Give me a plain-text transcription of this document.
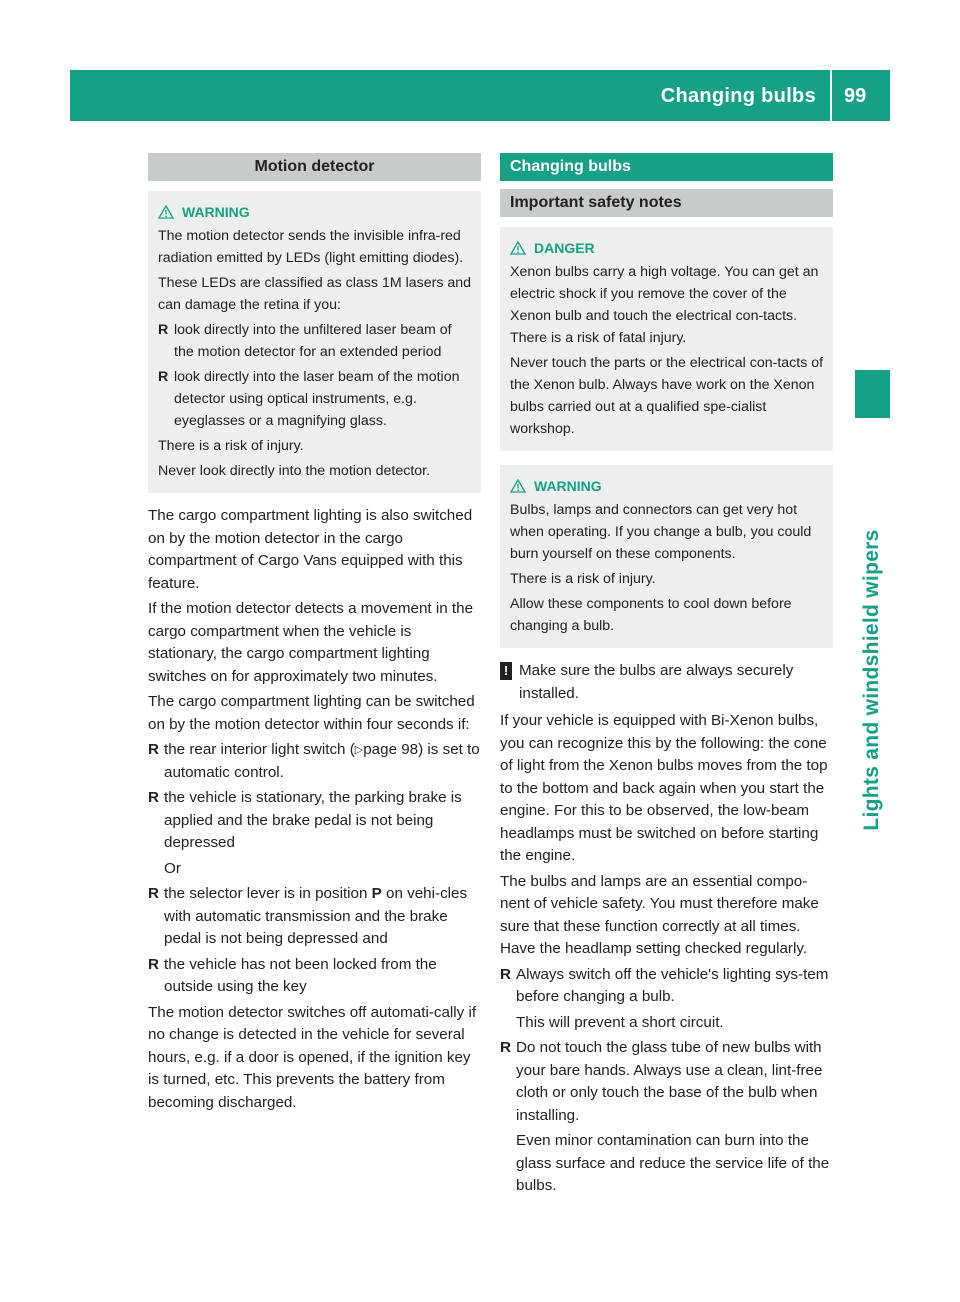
Changing bulbs 99
Lights and windshield wipers
Motion detector
WARNING

The motion detector sends the invisible infra-red radiation emitted by LEDs (light emitting diodes).

These LEDs are classified as class 1M lasers and can damage the retina if you:

R look directly into the unfiltered laser beam of the motion detector for an extended period
R look directly into the laser beam of the motion detector using optical instruments, e.g. eyeglasses or a magnifying glass.

There is a risk of injury.

Never look directly into the motion detector.

The cargo compartment lighting is also switched on by the motion detector in the cargo compartment of Cargo Vans equipped with this feature.

If the motion detector detects a movement in the cargo compartment when the vehicle is stationary, the cargo compartment lighting switches on for approximately two minutes.

The cargo compartment lighting can be switched on by the motion detector within four seconds if:

R the rear interior light switch (▷page 98) is set to automatic control.
R the vehicle is stationary, the parking brake is applied and the brake pedal is not being depressed
Or
R the selector lever is in position P on vehi-cles with automatic transmission and the brake pedal is not being depressed and
R the vehicle has not been locked from the outside using the key

The motion detector switches off automati-cally if no change is detected in the vehicle for several hours, e.g. if a door is opened, if the ignition key is turned, etc. This prevents the battery from becoming discharged.

Changing bulbs
Important safety notes
DANGER

Xenon bulbs carry a high voltage. You can get an electric shock if you remove the cover of the Xenon bulb and touch the electrical con-tacts. There is a risk of fatal injury.

Never touch the parts or the electrical con-tacts of the Xenon bulb. Always have work on the Xenon bulbs carried out at a qualified spe-cialist workshop.

WARNING

Bulbs, lamps and connectors can get very hot when operating. If you change a bulb, you could burn yourself on these components.

There is a risk of injury.

Allow these components to cool down before changing a bulb.

! Make sure the bulbs are always securely installed.

If your vehicle is equipped with Bi-Xenon bulbs, you can recognize this by the following: the cone of light from the Xenon bulbs moves from the top to the bottom and back again when you start the engine. For this to be observed, the low-beam headlamps must be switched on before starting the engine.

The bulbs and lamps are an essential compo-nent of vehicle safety. You must therefore make sure that these function correctly at all times. Have the headlamp setting checked regularly.

R Always switch off the vehicle's lighting sys-tem before changing a bulb.
This will prevent a short circuit.
R Do not touch the glass tube of new bulbs with your bare hands. Always use a clean, lint-free cloth or only touch the base of the bulb when installing.
Even minor contamination can burn into the glass surface and reduce the service life of the bulbs.
